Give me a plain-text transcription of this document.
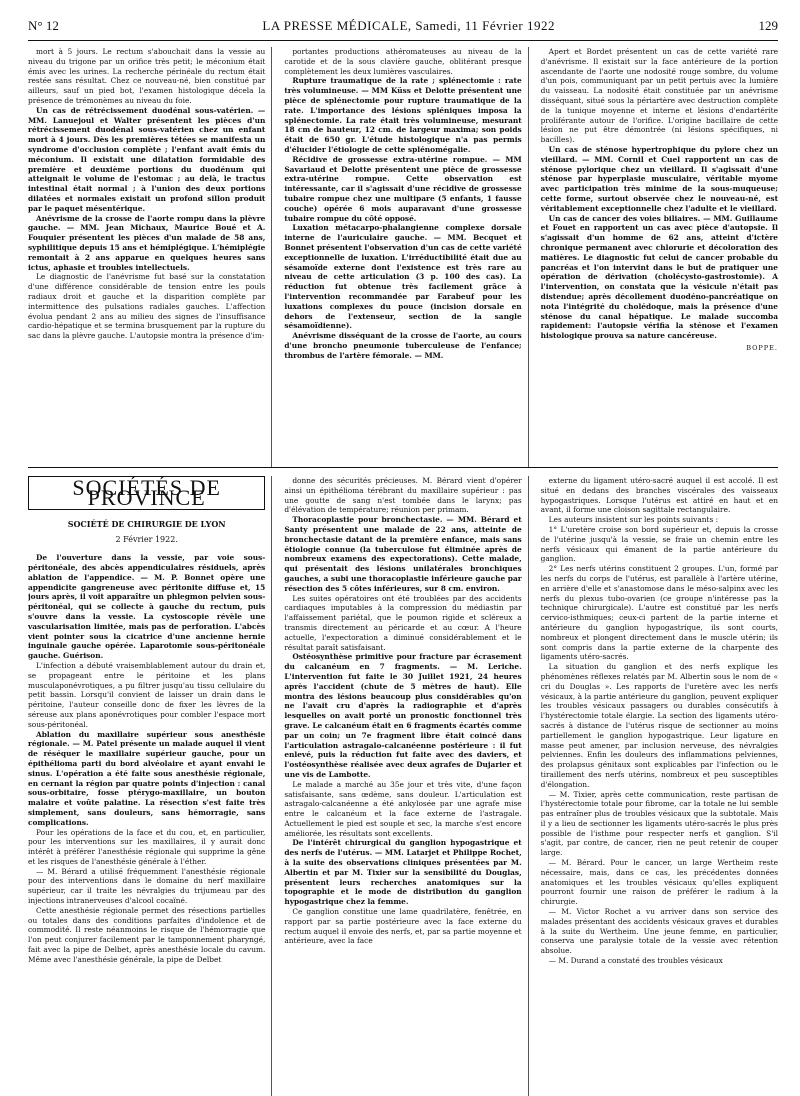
N° 12	LA PRESSE MÉDICALE, Samedi, 11 Février 1922	129

mort à 5 jours. Le rectum s'abouchait dans la vessie au niveau du trigone par un orifice très petit; le méconium était émis avec les urines. La recherche périnéale du rectum était restée sans résultat. Chez ce nouveau-né, bien constitué par ailleurs, sauf un pied bot, l'examen histologique décela la présence de trémonèmes au niveau du foie.

Un cas de rétrécissement duodénal sous-vatérien. — MM. Lanuejoul et Walter présentent les pièces d'un rétrécissement duodénal sous-vatérien chez un enfant mort à 4 jours. Dès les premières tétées se manifesta un syndrome d'occlusion complète ; l'enfant avait émis du méconium. Il existait une dilatation formidable des première et deuxième portions du duodénum qui atteignait le volume de l'estomac ; au delà, le tractus intestinal était normal ; à l'union des deux portions dilatées et normales existait un profond sillon produit par le paquet mésentérique.

Anévrisme de la crosse de l'aorte rompu dans la plèvre gauche. — MM. Jean Michaux, Maurice Boué et A. Fouquier présentent les pièces d'un malade de 58 ans, syphilitique depuis 15 ans et hémiplégique. L'hémiplégie remontait à 2 ans apparue en quelques heures sans ictus, aphasie et troubles intellectuels.

Le diagnostic de l'anévrisme fut basé sur la constatation d'une différence considérable de tension entre les pouls radiaux droit et gauche et la disparition complète par intermittence des pulsations radiales gauches. L'affection évolua pendant 2 ans au milieu des signes de l'insuffisance cardio-hépatique et se termina brusquement par la rupture du sac dans la plèvre gauche. L'autopsie montra la présence d'im-

portantes productions athéromateuses au niveau de la carotide et de la sous clavière gauche, oblitérant presque complètement les deux lumières vasculaires.

Rupture traumatique de la rate ; splénectomie : rate très volumineuse. — MM Küss et Delotte présentent une pièce de splénectomie pour rupture traumatique de la rate. L'importance des lésions spléniques imposa la splénectomie. La rate était très volumineuse, mesurant 18 cm de hauteur, 12 cm. de largeur maxima; son poids était de 650 gr. L'étude histologique n'a pas permis d'élucider l'étiologie de cette splénomégalie.

Récidive de grossesse extra-utérine rompue. — MM Savariaud et Delotte présentent une pièce de grossesse extra-utérine rompue. Cette observation est intéressante, car il s'agissait d'une récidive de grossesse tubaire rompue chez une multipare (5 enfants, 1 fausse couche) opérée 6 mois auparavant d'une grossesse tubaire rompue du côté opposé.

Luxation métacarpo-phalangienne complexe dorsale interne de l'auriculaire gauche. — MM. Becquet et Bonnet présentent l'observation d'un cas de cette variété exceptionnelle de luxation. L'irréductibilité était due au sésamoïde externe dont l'existence est très rare au niveau de cette articulation (3 p. 100 des cas). La réduction fut obtenue très facilement grâce à l'intervention recommandée par Farabeuf pour les luxations complexes du pouce (incision dorsale en dehors de l'extenseur, section de la sangle sésamoïdienne).

Anévrisme disséquant de la crosse de l'aorte, au cours d'une broncho pneumonie tuberculeuse de l'enfance; thrombus de l'artère fémorale. — MM.

Apert et Bordet présentent un cas de cette variété rare d'anévrisme. Il existait sur la face antérieure de la portion ascendante de l'aorte une nodosité rouge sombre, du volume d'un pois, communiquant par un petit pertuis avec la lumière du vaisseau. La nodosité était constituée par un anévrisme disséquant, situé sous la périartère avec destruction complète de la tunique moyenne et interne et lésions d'endartérite proliférante autour de l'orifice. L'origine bacillaire de cette lésion ne put être démontrée (ni lésions spécifiques, ni bacilles).

Un cas de sténose hypertrophique du pylore chez un vieillard. — MM. Cornil et Cuel rapportent un cas de sténose pylorique chez un vieillard. Il s'agissait d'une sténose par hyperplasie musculaire, véritable myome avec participation très minime de la sous-muqueuse; cette forme, surtout observée chez le nouveau-né, est véritablement exceptionnelle chez l'adulte et le vieillard.

Un cas de cancer des voies biliaires. — MM. Guillaume et Fouet en rapportent un cas avec pièce d'autopsie. Il s'agissait d'un homme de 62 ans, atteint d'ictère chronique permanent avec chlorurie et décoloration des matières. Le diagnostic fut celui de cancer probable du pancréas et l'on intervint dans le but de pratiquer une opération de dérivation (cholécysto-gastrostomie). A l'intervention, on constata que la vésicule n'était pas distendue; après décollement duodéno-pancréatique on nota l'intégrité du cholédoque, mais la présence d'une sténose du canal hépatique. Le malade succomba rapidement: l'autopsie vérifia la sténose et l'examen histologique prouva sa nature cancéreuse.

BOPPE.
SOCIÉTÉS DE PROVINCE
SOCIÉTÉ DE CHIRURGIE DE LYON
2 Février 1922.

De l'ouverture dans la vessie, par voie sous-péritonéale, des abcès appendiculaires résiduels, après ablation de l'appendice. — M. P. Bonnet opère une appendicite gangreneuse avec péritonite diffuse et, 15 jours après, il voit apparaître un phlegmon pelvien sous-péritonéal, qui se collecte à gauche du rectum, puis s'ouvre dans la vessie. La cystoscopie révèle une vascularisation limitée, mais pas de perforation. L'abcès vient pointer sous la cicatrice d'une ancienne hernie inguinale gauche opérée. Laparotomie sous-péritonéale gauche. Guérison.

L'infection a débuté vraisemblablement autour du drain et, se propageant entre le péritoine et les plans musculaponévrotiques, a pu filtrer jusqu'au tissu cellulaire du petit bassin. Lorsqu'il convient de laisser un drain dans le péritoine, l'auteur conseille donc de fixer les lèvres de la séreuse aux plans aponévrotiques pour combler l'espace mort sous-péritonéal.

Ablation du maxillaire supérieur sous anesthésie régionale. — M. Patel présente un malade auquel il vient de réséquer le maxillaire supérieur gauche, pour un épithélioma parti du bord alvéolaire et ayant envahi le sinus. L'opération a été faite sous anesthésie régionale, en cernant la région par quatre points d'injection : canal sous-orbitaire, fosse ptérygo-maxillaire, un bouton malaire et voûte palatine. La résection s'est faite très simplement, sans douleurs, sans hémorragie, sans complications.

Pour les opérations de la face et du cou, et, en particulier, pour les interventions sur les maxillaires, il y aurait donc intérêt à préférer l'anesthésie régionale qui supprime la gêne et les risques de l'anesthésie générale à l'éther.

— M. Bérard a utilisé fréquemment l'anesthésie régionale pour des interventions dans le domaine du nerf maxillaire supérieur, car il traite les névralgies du trijumeau par des injections intranerveuses d'alcool cocaïné.

Cette anesthésie régionale permet des résections partielles ou totales dans des conditions parfaites d'indolence et de commodité. Il reste néanmoins le risque de l'hémorragie que l'on peut conjurer facilement par le tamponnement pharyngé, fait avec la pipe de Delbet, après anesthésie locale du cavum. Même avec l'anesthésie générale, la pipe de Delbet

donne des sécurités précieuses. M. Bérard vient d'opérer ainsi un épithélioma térébrant du maxillaire supérieur : pas une goutte de sang n'est tombée dans le larynx; pas d'élévation de température; réunion per primam.

Thoracoplastie pour bronchectasie. — MM. Bérard et Santy présentent une malade de 22 ans, atteinte de bronchectasie datant de la première enfance, mais sans étiologie connue (la tuberculose fut éliminée après de nombreux examens des expectorations). Cette malade, qui présentait des lésions unilatérales bronchiques gauches, a subi une thoracoplastie inférieure gauche par résection des 5 côtes inférieures, sur 8 cm. environ.

Les suites opératoires ont été troublées par des accidents cardiaques imputables à la compression du médiastin par l'affaissement pariétal, que le poumon rigide et scléreux a transmis directement au péricarde et au cœur. A l'heure actuelle, l'expectoration a diminué considérablement et le résultat paraît satisfaisant.

Ostéosynthèse primitive pour fracture par écrasement du calcanéum en 7 fragments. — M. Leriche. L'intervention fut faite le 30 Juillet 1921, 24 heures après l'accident (chute de 5 mètres de haut). Elle montra des lésions beaucoup plus considérables qu'on ne l'avait cru d'après la radiographie et d'après lesquelles on avait porté un pronostic fonctionnel très grave. Le calcanéum était en 6 fragments écartés comme par un coin; un 7e fragment libre était coincé dans l'articulation astragalo-calcanéenne postérieure : il fut enlevé, puis la réduction fut faite avec des daviers, et l'ostéosynthèse réalisée avec deux agrafes de Dujarier et une vis de Lambotte.

Le malade a marché au 35e jour et très vite, d'une façon satisfaisante, sans œdème, sans douleur. L'articulation est astragalo-calcanéenne a été ankylosée par une agrafe mise entre le calcanéum et la face externe de l'astragale. Actuellement le pied est souple et sec, la marche s'est encore améliorée, les résultats sont excellents.

De l'intérêt chirurgical du ganglion hypogastrique et des nerfs de l'utérus. — MM. Latarjet et Philippe Rochet, à la suite des observations cliniques présentées par M. Albertin et par M. Tixier sur la sensibilité du Douglas, présentent leurs recherches anatomiques sur la topographie et le mode de distribution du ganglion hypogastrique chez la femme.

Ce ganglion constitue une lame quadrilatère, fenêtrée, en rapport par sa partie postérieure avec la face externe du rectum auquel il envoie des nerfs, et, par sa partie moyenne et antérieure, avec la face

externe du ligament utéro-sacré auquel il est accolé. Il est situé en dedans des branches viscérales des vaisseaux hypogastriques. Lorsque l'utérus est attiré en haut et en avant, il forme une cloison sagittale rectangulaire.

Les auteurs insistent sur les points suivants :

1° L'uretère croise son bord supérieur et, depuis la crosse de l'utérine jusqu'à la vessie, se fraie un chemin entre les nerfs vésicaux qui émanent de la partie antérieure du ganglion.

2° Les nerfs utérins constituent 2 groupes. L'un, formé par les nerfs du corps de l'utérus, est parallèle à l'artère utérine, en arrière d'elle et s'anastomose dans le méso-salpinx avec les nerfs du plexus tubo-ovarien (ce groupe n'intéresse pas la technique chirurgicale). L'autre est constitué par les nerfs cervico-isthmiques; ceux-ci partent de la partie interne et antérieure du ganglion hypogastrique, ils sont courts, nombreux et plongent directement dans le muscle utérin; ils sont compris dans la partie externe de la charpente des ligaments utéro-sacrés.

La situation du ganglion et des nerfs explique les phénomènes réflexes relatés par M. Albertin sous le nom de « cri du Douglas ». Les rapports de l'uretère avec les nerfs vésicaux, à la partie antérieure du ganglion, peuvent expliquer les troubles vésicaux passagers ou durables consécutifs à l'hystérectomie totale élargie. La section des ligaments utéro-sacrés à distance de l'utérus risque de sectionner au moins partiellement le ganglion hypogastrique. Leur ligature en masse peut amener, par inclusion nerveuse, des névralgies pelviennes. Enfin les douleurs des inflammations pelviennes, des prolapsus génitaux sont explicables par l'infection ou le tiraillement des nerfs utérins, nombreux et peu susceptibles d'élongation.

— M. Tixier, après cette communication, reste partisan de l'hystérectomie totale pour fibrome, car la totale ne lui semble pas entraîner plus de troubles vésicaux que la subtotale. Mais il y a lieu de sectionner les ligaments utéro-sacrés le plus près possible de l'isthme pour respecter nerfs et ganglion. S'il s'agit, par contre, de cancer, rien ne peut retenir de couper large.

— M. Bérard. Pour le cancer, un large Wertheim reste nécessaire, mais, dans ce cas, les précédentes données anatomiques et les troubles vésicaux qu'elles expliquent pourront fournir une raison de préférer le radium à la chirurgie.

— M. Victor Rochet a vu arriver dans son service des malades présentant des accidents vésicaux graves et durables à la suite du Wertheim. Une jeune femme, en particulier, conserva une paralysie totale de la vessie avec rétention absolue.

— M. Durand a constaté des troubles vésicaux
